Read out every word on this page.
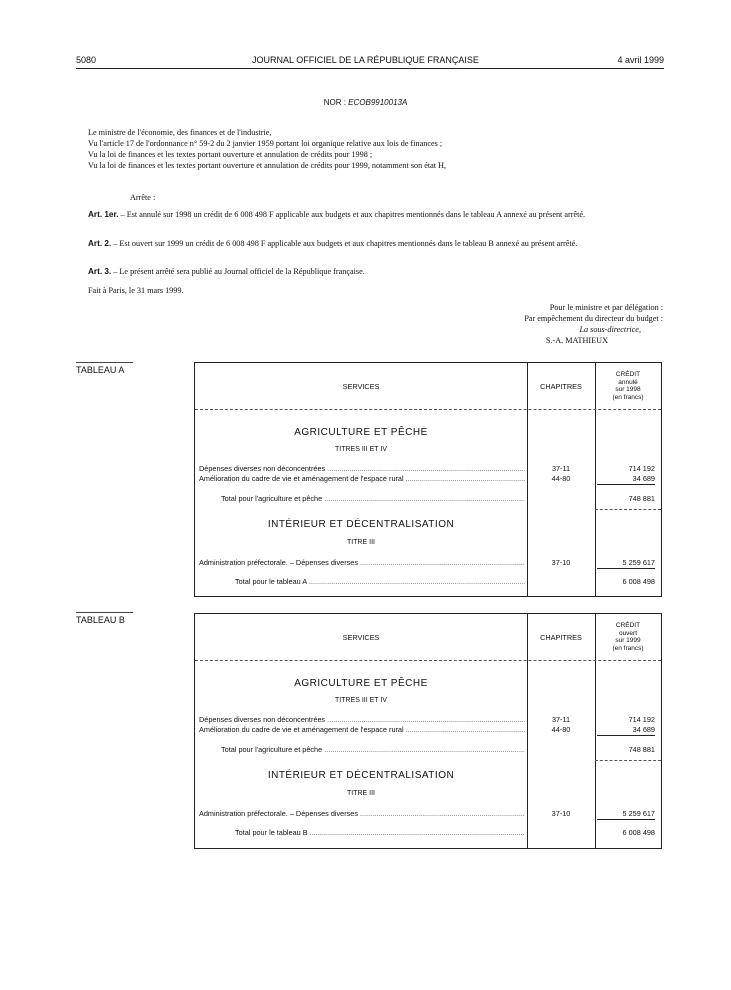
5080	JOURNAL OFFICIEL DE LA RÉPUBLIQUE FRANÇAISE	4 avril 1999
NOR : ECOB9910013A

Le ministre de l'économie, des finances et de l'industrie,

Vu l'article 17 de l'ordonnance n° 59-2 du 2 janvier 1959 portant loi organique relative aux lois de finances ;

Vu la loi de finances et les textes portant ouverture et annulation de crédits pour 1998 ;

Vu la loi de finances et les textes portant ouverture et annulation de crédits pour 1999, notamment son état H,

Arrête :
Art. 1er. – Est annulé sur 1998 un crédit de 6 008 498 F applicable aux budgets et aux chapitres mentionnés dans le tableau A annexé au présent arrêté.
Art. 2. – Est ouvert sur 1999 un crédit de 6 008 498 F applicable aux budgets et aux chapitres mentionnés dans le tableau B annexé au présent arrêté.
Art. 3. – Le présent arrêté sera publié au Journal officiel de la République française.
Fait à Paris, le 31 mars 1999.
Pour le ministre et par délégation :
Par empêchement du directeur du budget :
La sous-directrice,
S.-A. MATHIEUX
TABLEAU A
SERVICES	CHAPITRES
CRÉDIT
annulé
sur 1998
(en francs)
AGRICULTURE ET PÊCHE
TITRES III ET IV
Dépenses diverses non déconcentrées .....	37-11	714 192
Amélioration du cadre de vie et aménagement de l'espace rural .....	44-80	34 689
Total pour l'agriculture et pêche .....	748 881
INTÉRIEUR ET DÉCENTRALISATION
TITRE III
Administration préfectorale. – Dépenses diverses .....	37-10	5 259 617
Total pour le tableau A .....	6 008 498
TABLEAU B
SERVICES	CHAPITRES
CRÉDIT
ouvert
sur 1999
(en francs)
AGRICULTURE ET PÊCHE
TITRES III ET IV
Dépenses diverses non déconcentrées .....	37-11	714 192
Amélioration du cadre de vie et aménagement de l'espace rural .....	44-80	34 689
Total pour l'agriculture et pêche .....	748 881
INTÉRIEUR ET DÉCENTRALISATION
TITRE III
Administration préfectorale. – Dépenses diverses .....	37-10	5 259 617
Total pour le tableau B .....	6 008 498
